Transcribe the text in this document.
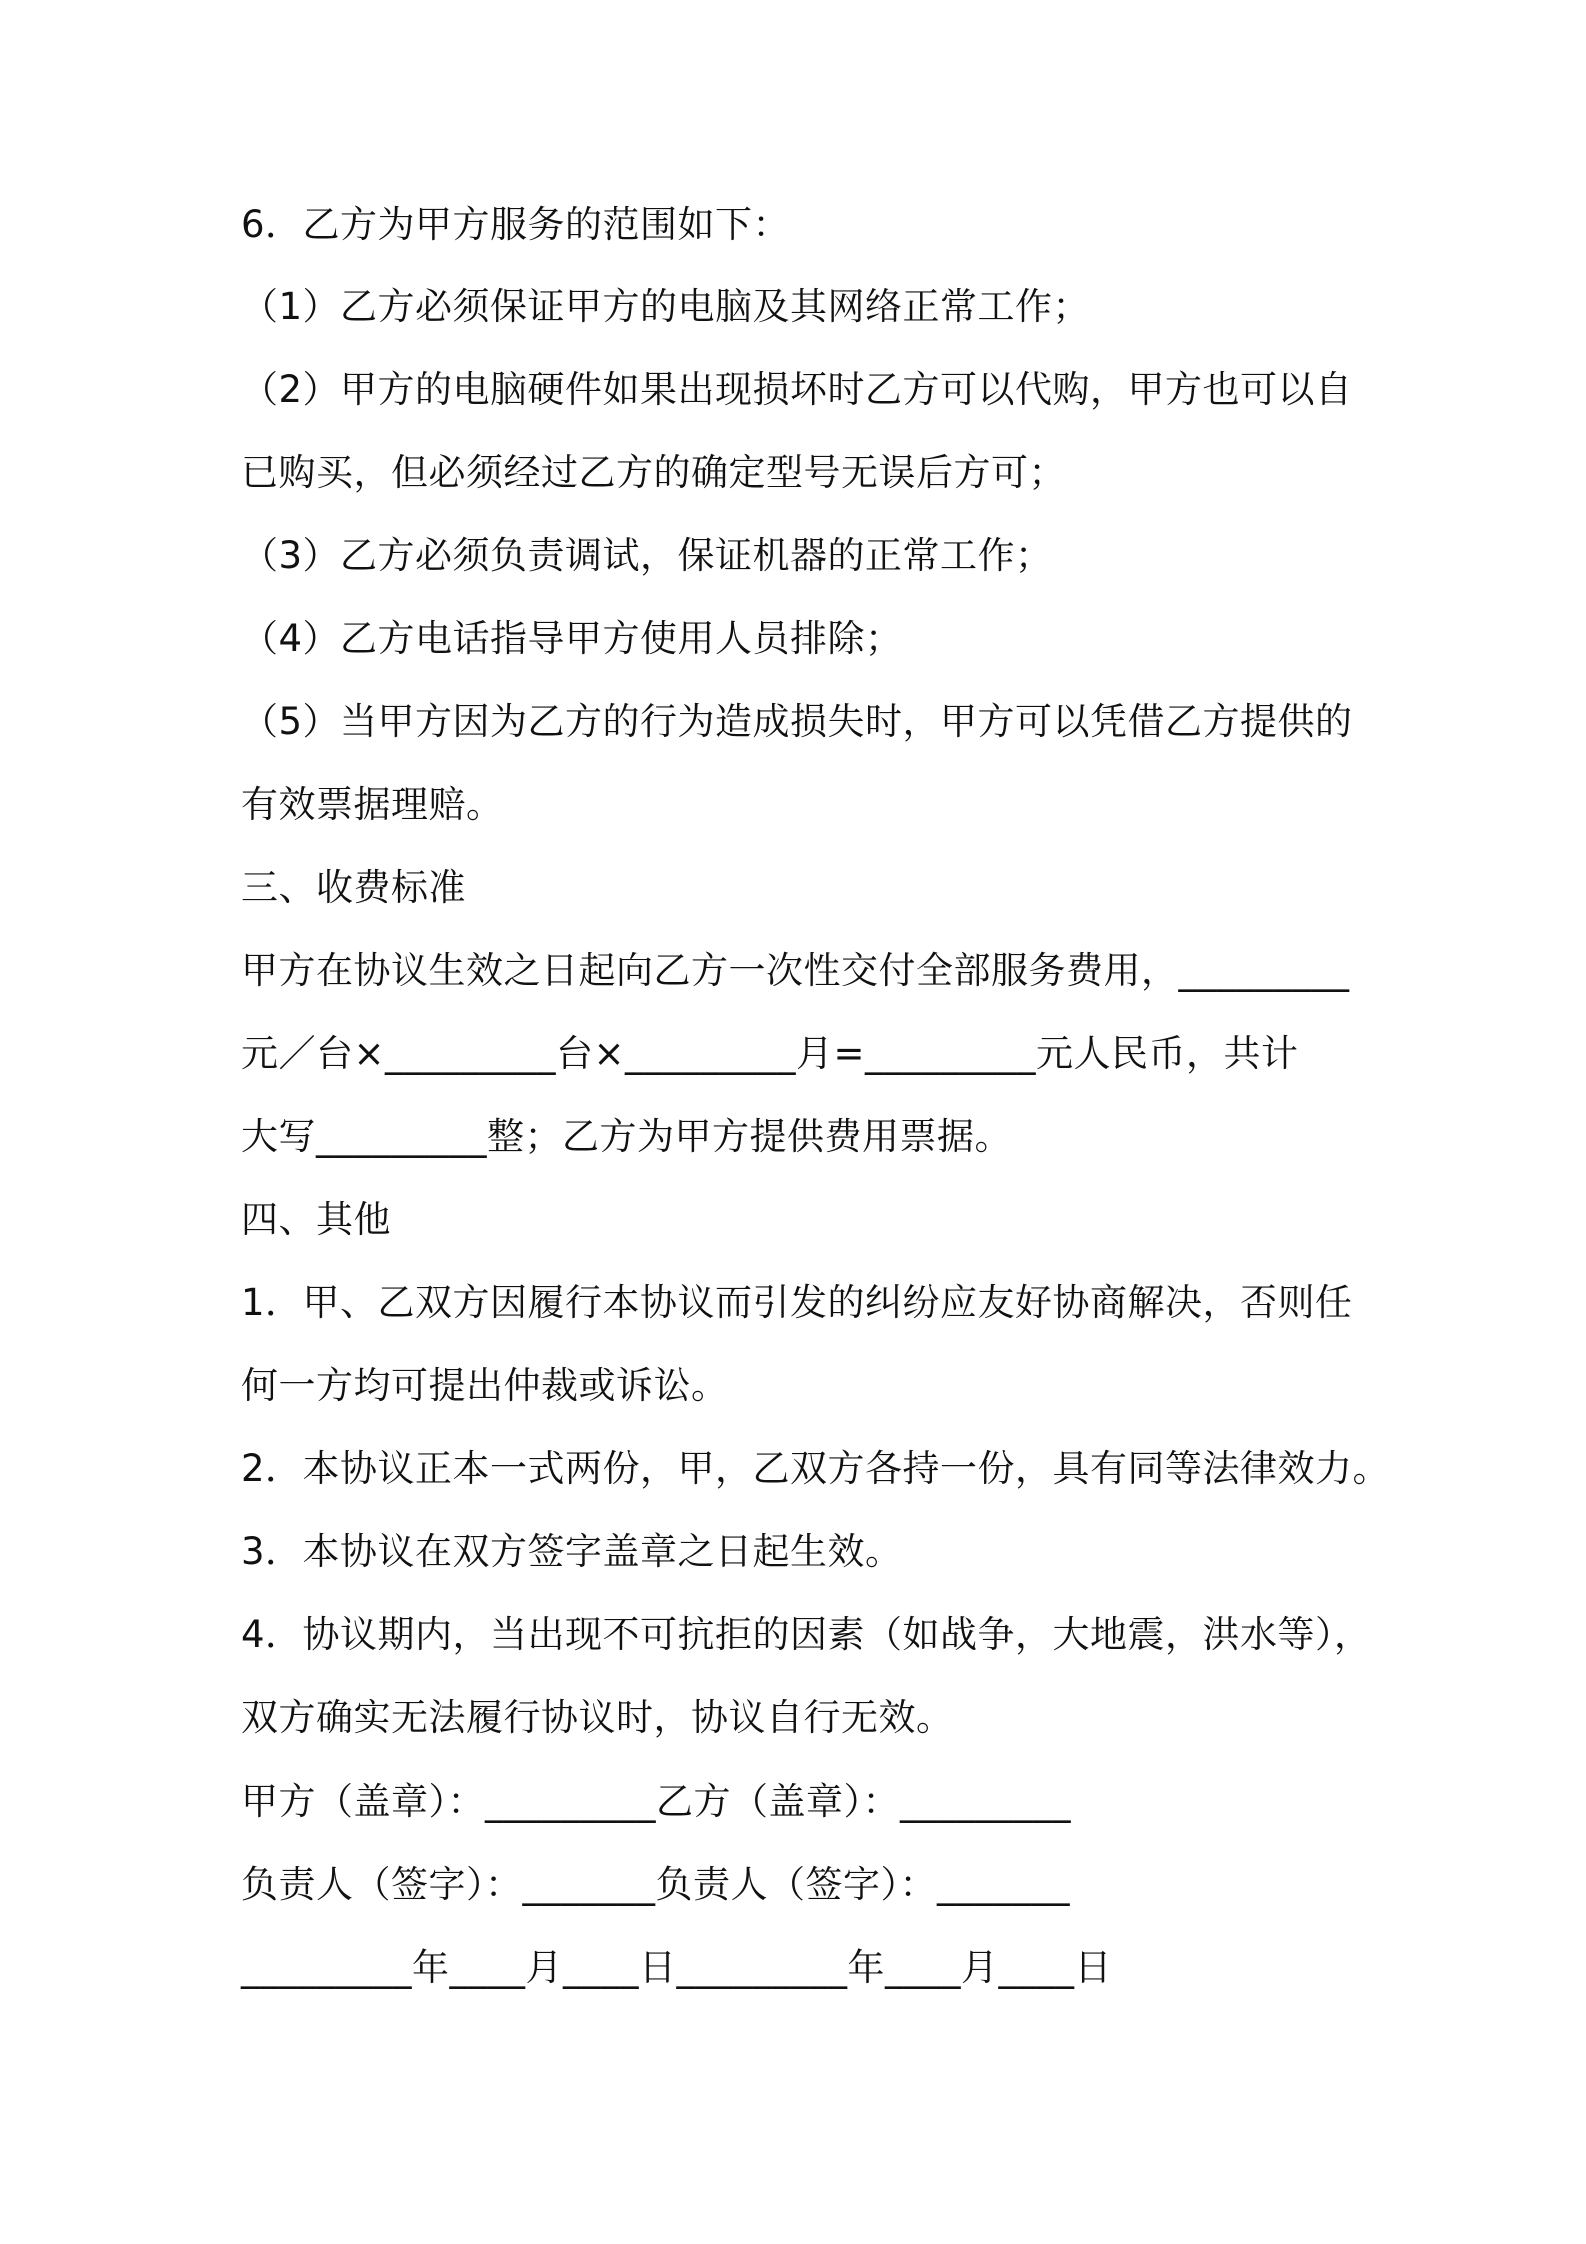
6．乙方为甲方服务的范围如下：
（1）乙方必须保证甲方的电脑及其网络正常工作；
（2）甲方的电脑硬件如果出现损坏时乙方可以代购，甲方也可以自
已购买，但必须经过乙方的确定型号无误后方可；
（3）乙方必须负责调试，保证机器的正常工作；
（4）乙方电话指导甲方使用人员排除；
（5）当甲方因为乙方的行为造成损失时，甲方可以凭借乙方提供的
有效票据理赔。
三、收费标准
甲方在协议生效之日起向乙方一次性交付全部服务费用，_________
元／台×_________台×_________月=_________元人民币，共计
大写_________整；乙方为甲方提供费用票据。
四、其他
1．甲、乙双方因履行本协议而引发的纠纷应友好协商解决，否则任
何一方均可提出仲裁或诉讼。
2．本协议正本一式两份，甲，乙双方各持一份，具有同等法律效力。
3．本协议在双方签字盖章之日起生效。
4．协议期内，当出现不可抗拒的因素（如战争，大地震，洪水等），
双方确实无法履行协议时，协议自行无效。
甲方（盖章）：_________乙方（盖章）：_________
负责人（签字）：_______负责人（签字）：_______
_________年____月____日_________年____月____日
